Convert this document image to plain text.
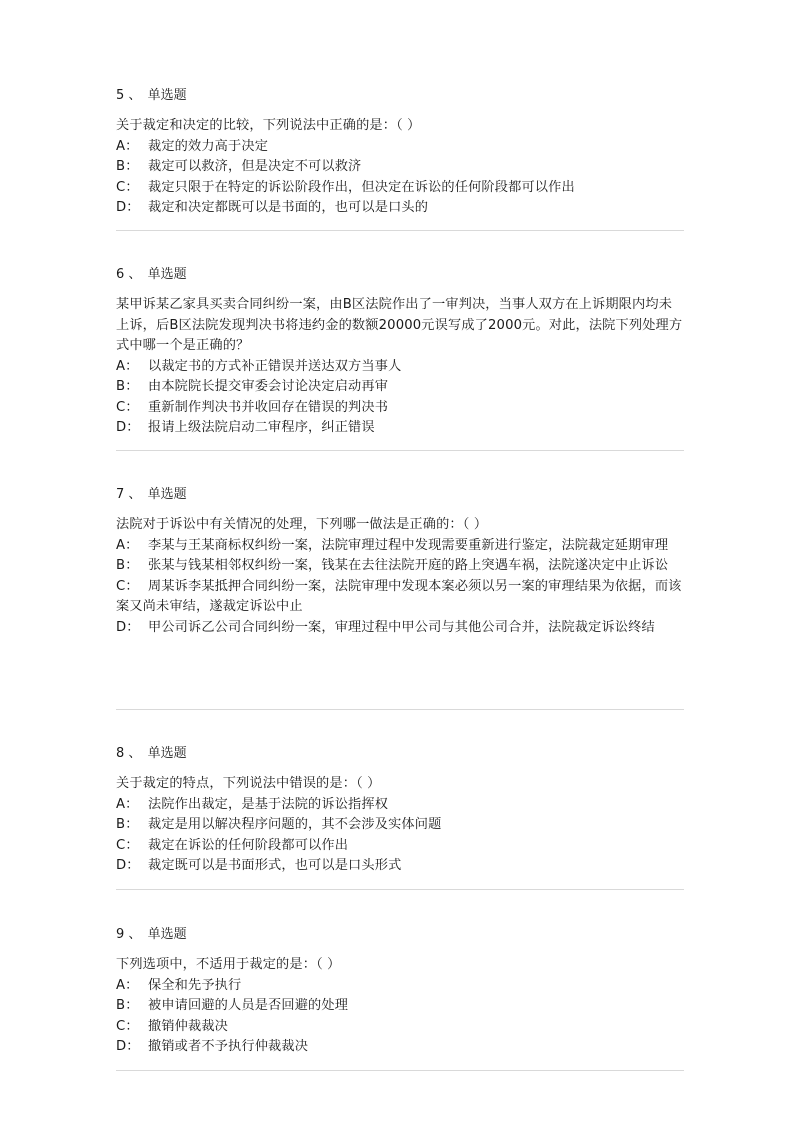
5 、 单选题

关于裁定和决定的比较，下列说法中正确的是：（ ）

A： 裁定的效力高于决定

B： 裁定可以救济，但是决定不可以救济

C： 裁定只限于在特定的诉讼阶段作出，但决定在诉讼的任何阶段都可以作出

D： 裁定和决定都既可以是书面的，也可以是口头的

6 、 单选题

某甲诉某乙家具买卖合同纠纷一案，由B区法院作出了一审判决，当事人双方在上诉期限内均未上诉，后B区法院发现判决书将违约金的数额20000元误写成了2000元。对此，法院下列处理方式中哪一个是正确的？

A： 以裁定书的方式补正错误并送达双方当事人

B： 由本院院长提交审委会讨论决定启动再审

C： 重新制作判决书并收回存在错误的判决书

D： 报请上级法院启动二审程序，纠正错误

7 、 单选题

法院对于诉讼中有关情况的处理，下列哪一做法是正确的：（ ）

A： 李某与王某商标权纠纷一案，法院审理过程中发现需要重新进行鉴定，法院裁定延期审理

B： 张某与钱某相邻权纠纷一案，钱某在去往法院开庭的路上突遇车祸，法院遂决定中止诉讼

C： 周某诉李某抵押合同纠纷一案，法院审理中发现本案必须以另一案的审理结果为依据，而该案又尚未审结，遂裁定诉讼中止

D： 甲公司诉乙公司合同纠纷一案，审理过程中甲公司与其他公司合并，法院裁定诉讼终结

8 、 单选题

关于裁定的特点，下列说法中错误的是：（ ）

A： 法院作出裁定，是基于法院的诉讼指挥权

B： 裁定是用以解决程序问题的，其不会涉及实体问题

C： 裁定在诉讼的任何阶段都可以作出

D： 裁定既可以是书面形式，也可以是口头形式

9 、 单选题

下列选项中，不适用于裁定的是：（ ）

A： 保全和先予执行

B： 被申请回避的人员是否回避的处理

C： 撤销仲裁裁决

D： 撤销或者不予执行仲裁裁决
